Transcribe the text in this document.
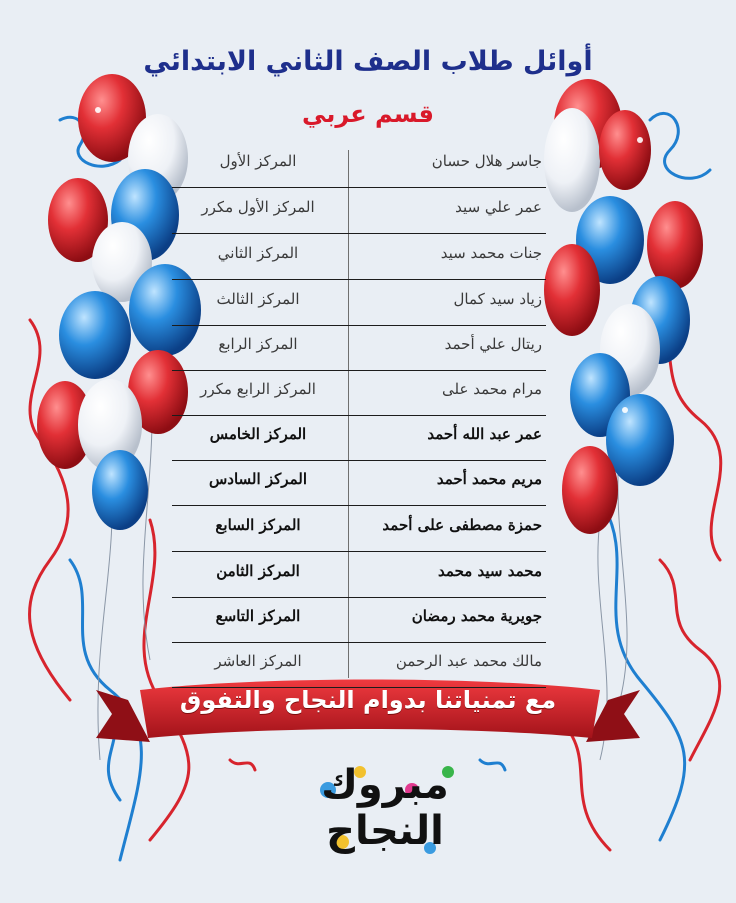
أوائل طلاب الصف الثاني الابتدائي
قسم عربي
جاسر هلال حسان
المركز الأول
عمر علي سيد
المركز الأول مكرر
جنات محمد سيد
المركز الثاني
زياد سيد كمال
المركز الثالث
ريتال علي أحمد
المركز الرابع
مرام محمد على
المركز الرابع مكرر
عمر عبد الله أحمد
المركز الخامس
مريم محمد أحمد
المركز السادس
حمزة مصطفى على أحمد
المركز السابع
محمد سيد محمد
المركز الثامن
جويرية محمد رمضان
المركز التاسع
مالك محمد عبد الرحمن
المركز العاشر
مع تمنياتنا بدوام النجاح والتفوق
مبروك
النجاح
